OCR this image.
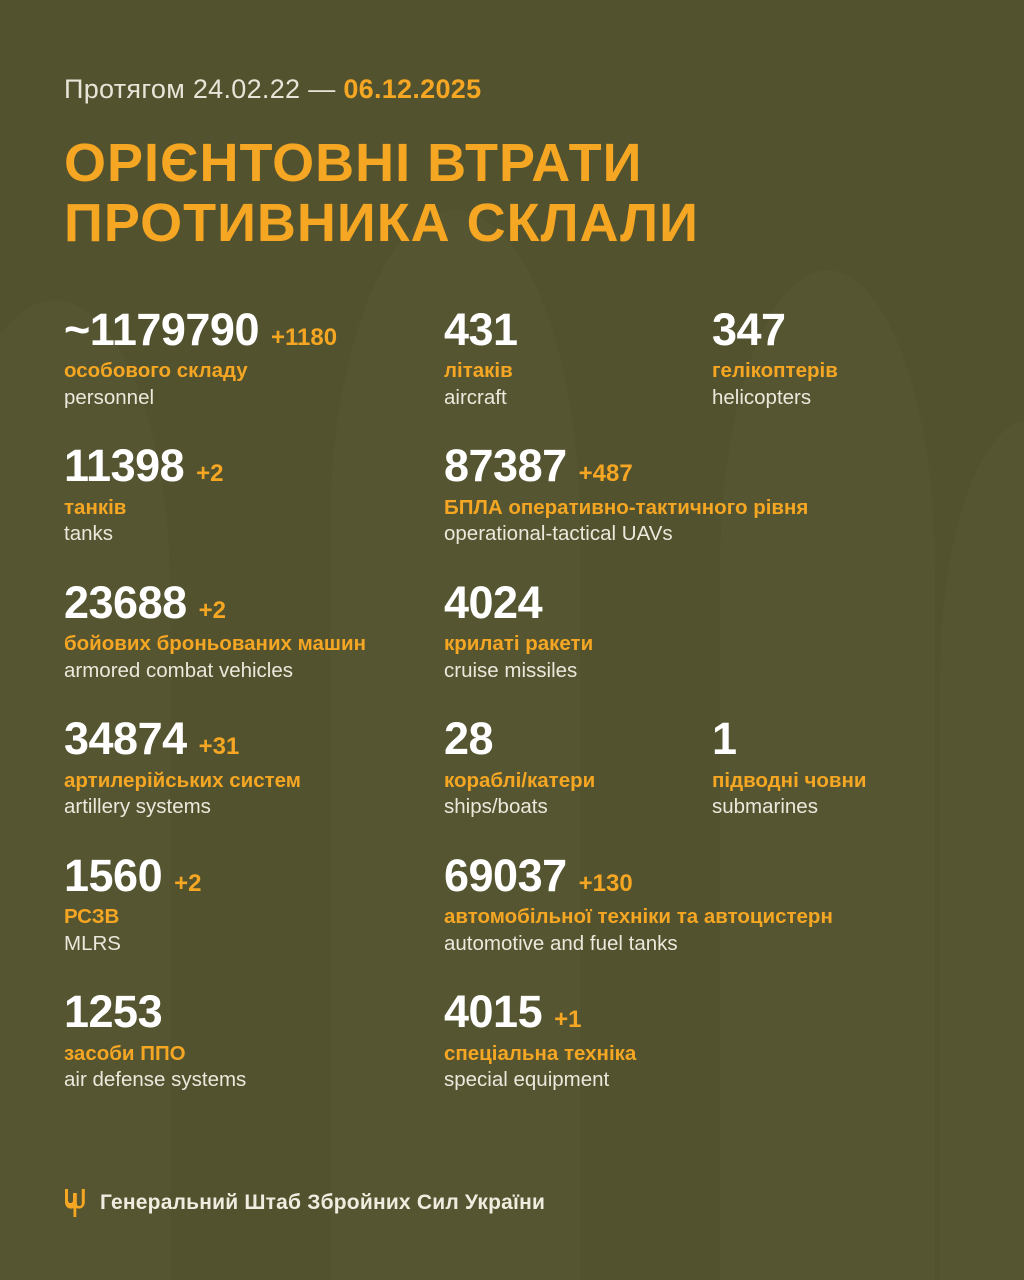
Протягом 24.02.22 — 06.12.2025
ОРІЄНТОВНІ ВТРАТИ
ПРОТИВНИКА СКЛАЛИ
~1179790 +1180
особового складу
personnel
431
літаків
aircraft
347
гелікоптерів
helicopters
11398 +2
танків
tanks
87387 +487
БПЛА оперативно-тактичного рівня
operational-tactical UAVs
23688 +2
бойових броньованих машин
armored combat vehicles
4024
крилаті ракети
cruise missiles
34874 +31
артилерійських систем
artillery systems
28
кораблі/катери
ships/boats
1
підводні човни
submarines
1560 +2
РСЗВ
MLRS
69037 +130
автомобільної техніки та автоцистерн
automotive and fuel tanks
1253
засоби ППО
air defense systems
4015 +1
спеціальна техніка
special equipment
Генеральний Штаб Збройних Сил України
